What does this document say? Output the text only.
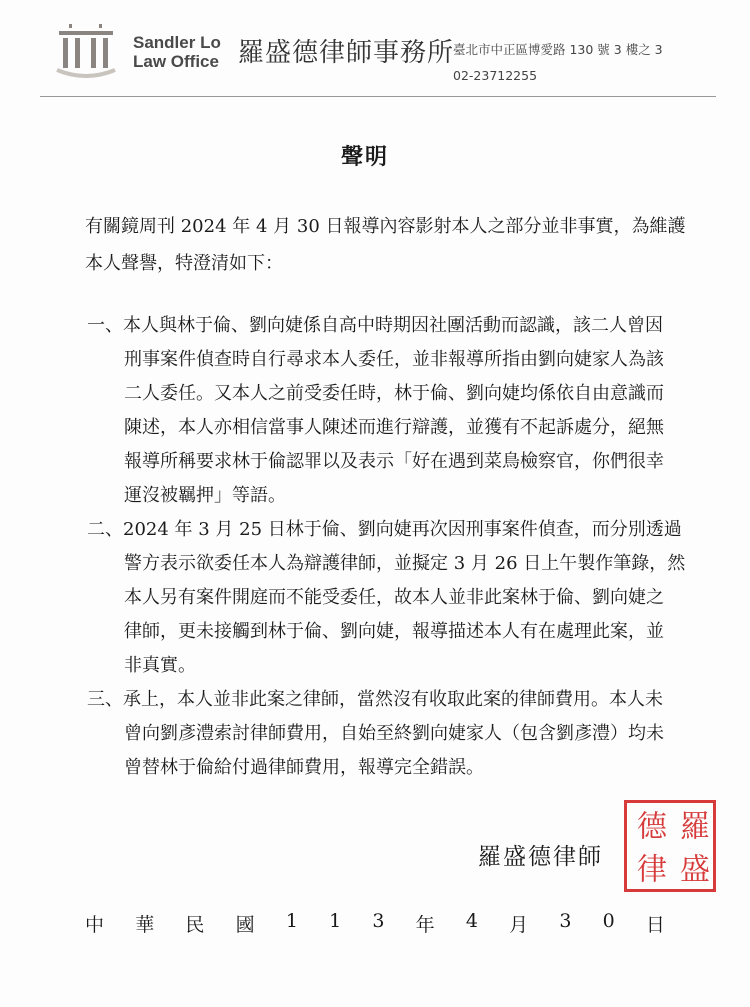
Sandler Lo
Law Office 羅盛德律師事務所
臺北市中正區博愛路 130 號 3 樓之 3
02-23712255
聲明
有關鏡周刊 2024 年 4 月 30 日報導內容影射本人之部分並非事實，為維護
本人聲譽，特澄清如下：
一、本人與林于倫、劉向婕係自高中時期因社團活動而認識，該二人曾因
刑事案件偵查時自行尋求本人委任，並非報導所指由劉向婕家人為該
二人委任。又本人之前受委任時，林于倫、劉向婕均係依自由意識而
陳述，本人亦相信當事人陳述而進行辯護，並獲有不起訴處分，絕無
報導所稱要求林于倫認罪以及表示「好在遇到菜鳥檢察官，你們很幸
運沒被羈押」等語。
二、2024 年 3 月 25 日林于倫、劉向婕再次因刑事案件偵查，而分別透過
警方表示欲委任本人為辯護律師，並擬定 3 月 26 日上午製作筆錄，然
本人另有案件開庭而不能受委任，故本人並非此案林于倫、劉向婕之
律師，更未接觸到林于倫、劉向婕，報導描述本人有在處理此案，並
非真實。
三、承上，本人並非此案之律師，當然沒有收取此案的律師費用。本人未
曾向劉彥澧索討律師費用，自始至終劉向婕家人（包含劉彥澧）均未
曾替林于倫給付過律師費用，報導完全錯誤。
羅盛德律師
羅
盛
德
律
中 華 民 國 1 1 3 年 4 月 3 0 日
